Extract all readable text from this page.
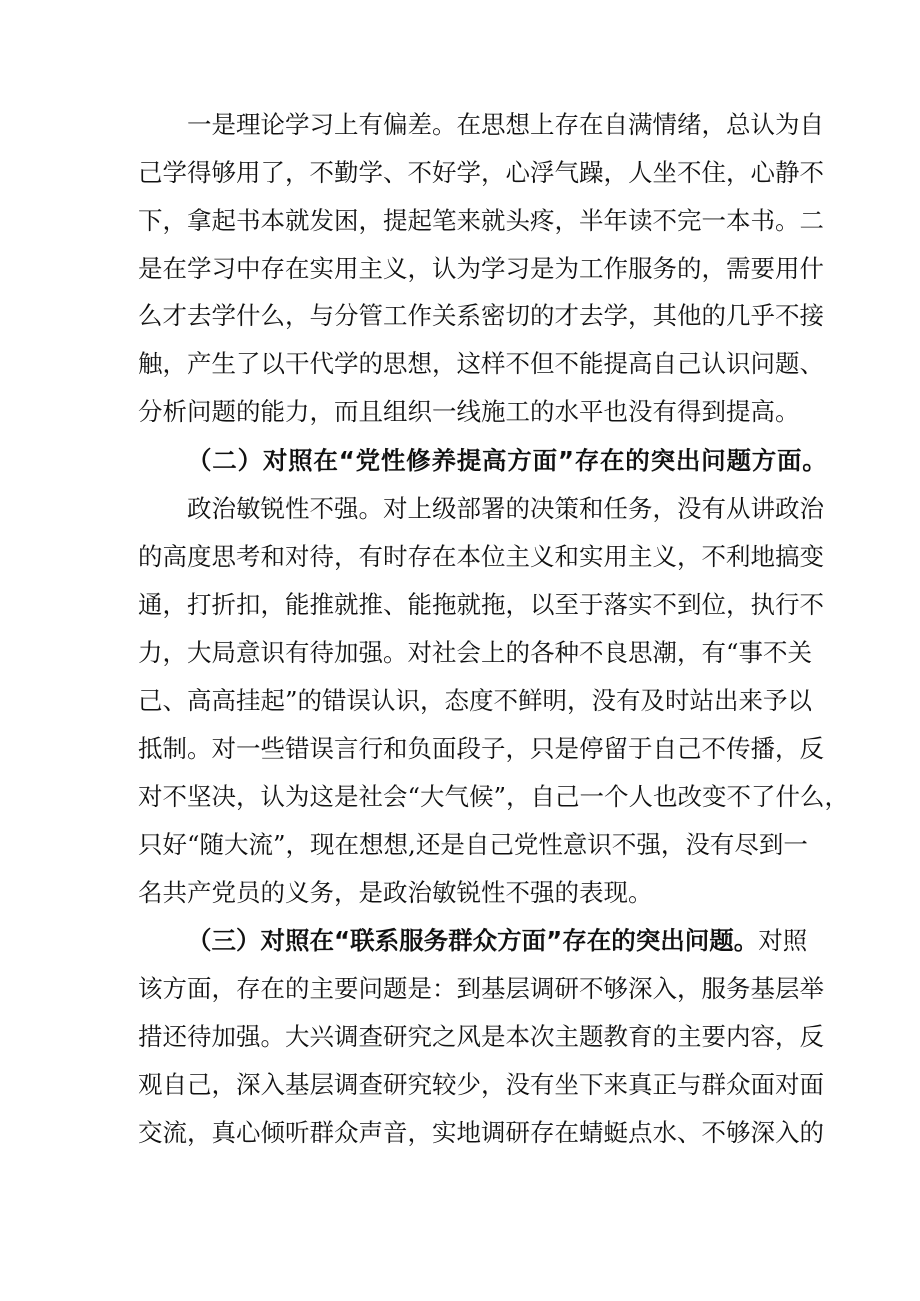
一是理论学习上有偏差。在思想上存在自满情绪，总认为自
己学得够用了，不勤学、不好学，心浮气躁，人坐不住，心静不
下，拿起书本就发困，提起笔来就头疼，半年读不完一本书。二
是在学习中存在实用主义，认为学习是为工作服务的，需要用什
么才去学什么，与分管工作关系密切的才去学，其他的几乎不接
触，产生了以干代学的思想，这样不但不能提高自己认识问题、
分析问题的能力，而且组织一线施工的水平也没有得到提高。
（二）对照在“党性修养提高方面”存在的突出问题方面。
政治敏锐性不强。对上级部署的决策和任务，没有从讲政治
的高度思考和对待，有时存在本位主义和实用主义，不利地搞变
通，打折扣，能推就推、能拖就拖，以至于落实不到位，执行不
力，大局意识有待加强。对社会上的各种不良思潮，有“事不关
己、高高挂起”的错误认识，态度不鲜明，没有及时站出来予以
抵制。对一些错误言行和负面段子，只是停留于自己不传播，反
对不坚决，认为这是社会“大气候”，自己一个人也改变不了什么，
只好“随大流”，现在想想,还是自己党性意识不强，没有尽到一
名共产党员的义务，是政治敏锐性不强的表现。
（三）对照在“联系服务群众方面”存在的突出问题。对照
该方面，存在的主要问题是：到基层调研不够深入，服务基层举
措还待加强。大兴调查研究之风是本次主题教育的主要内容，反
观自己，深入基层调查研究较少，没有坐下来真正与群众面对面
交流，真心倾听群众声音，实地调研存在蜻蜓点水、不够深入的
